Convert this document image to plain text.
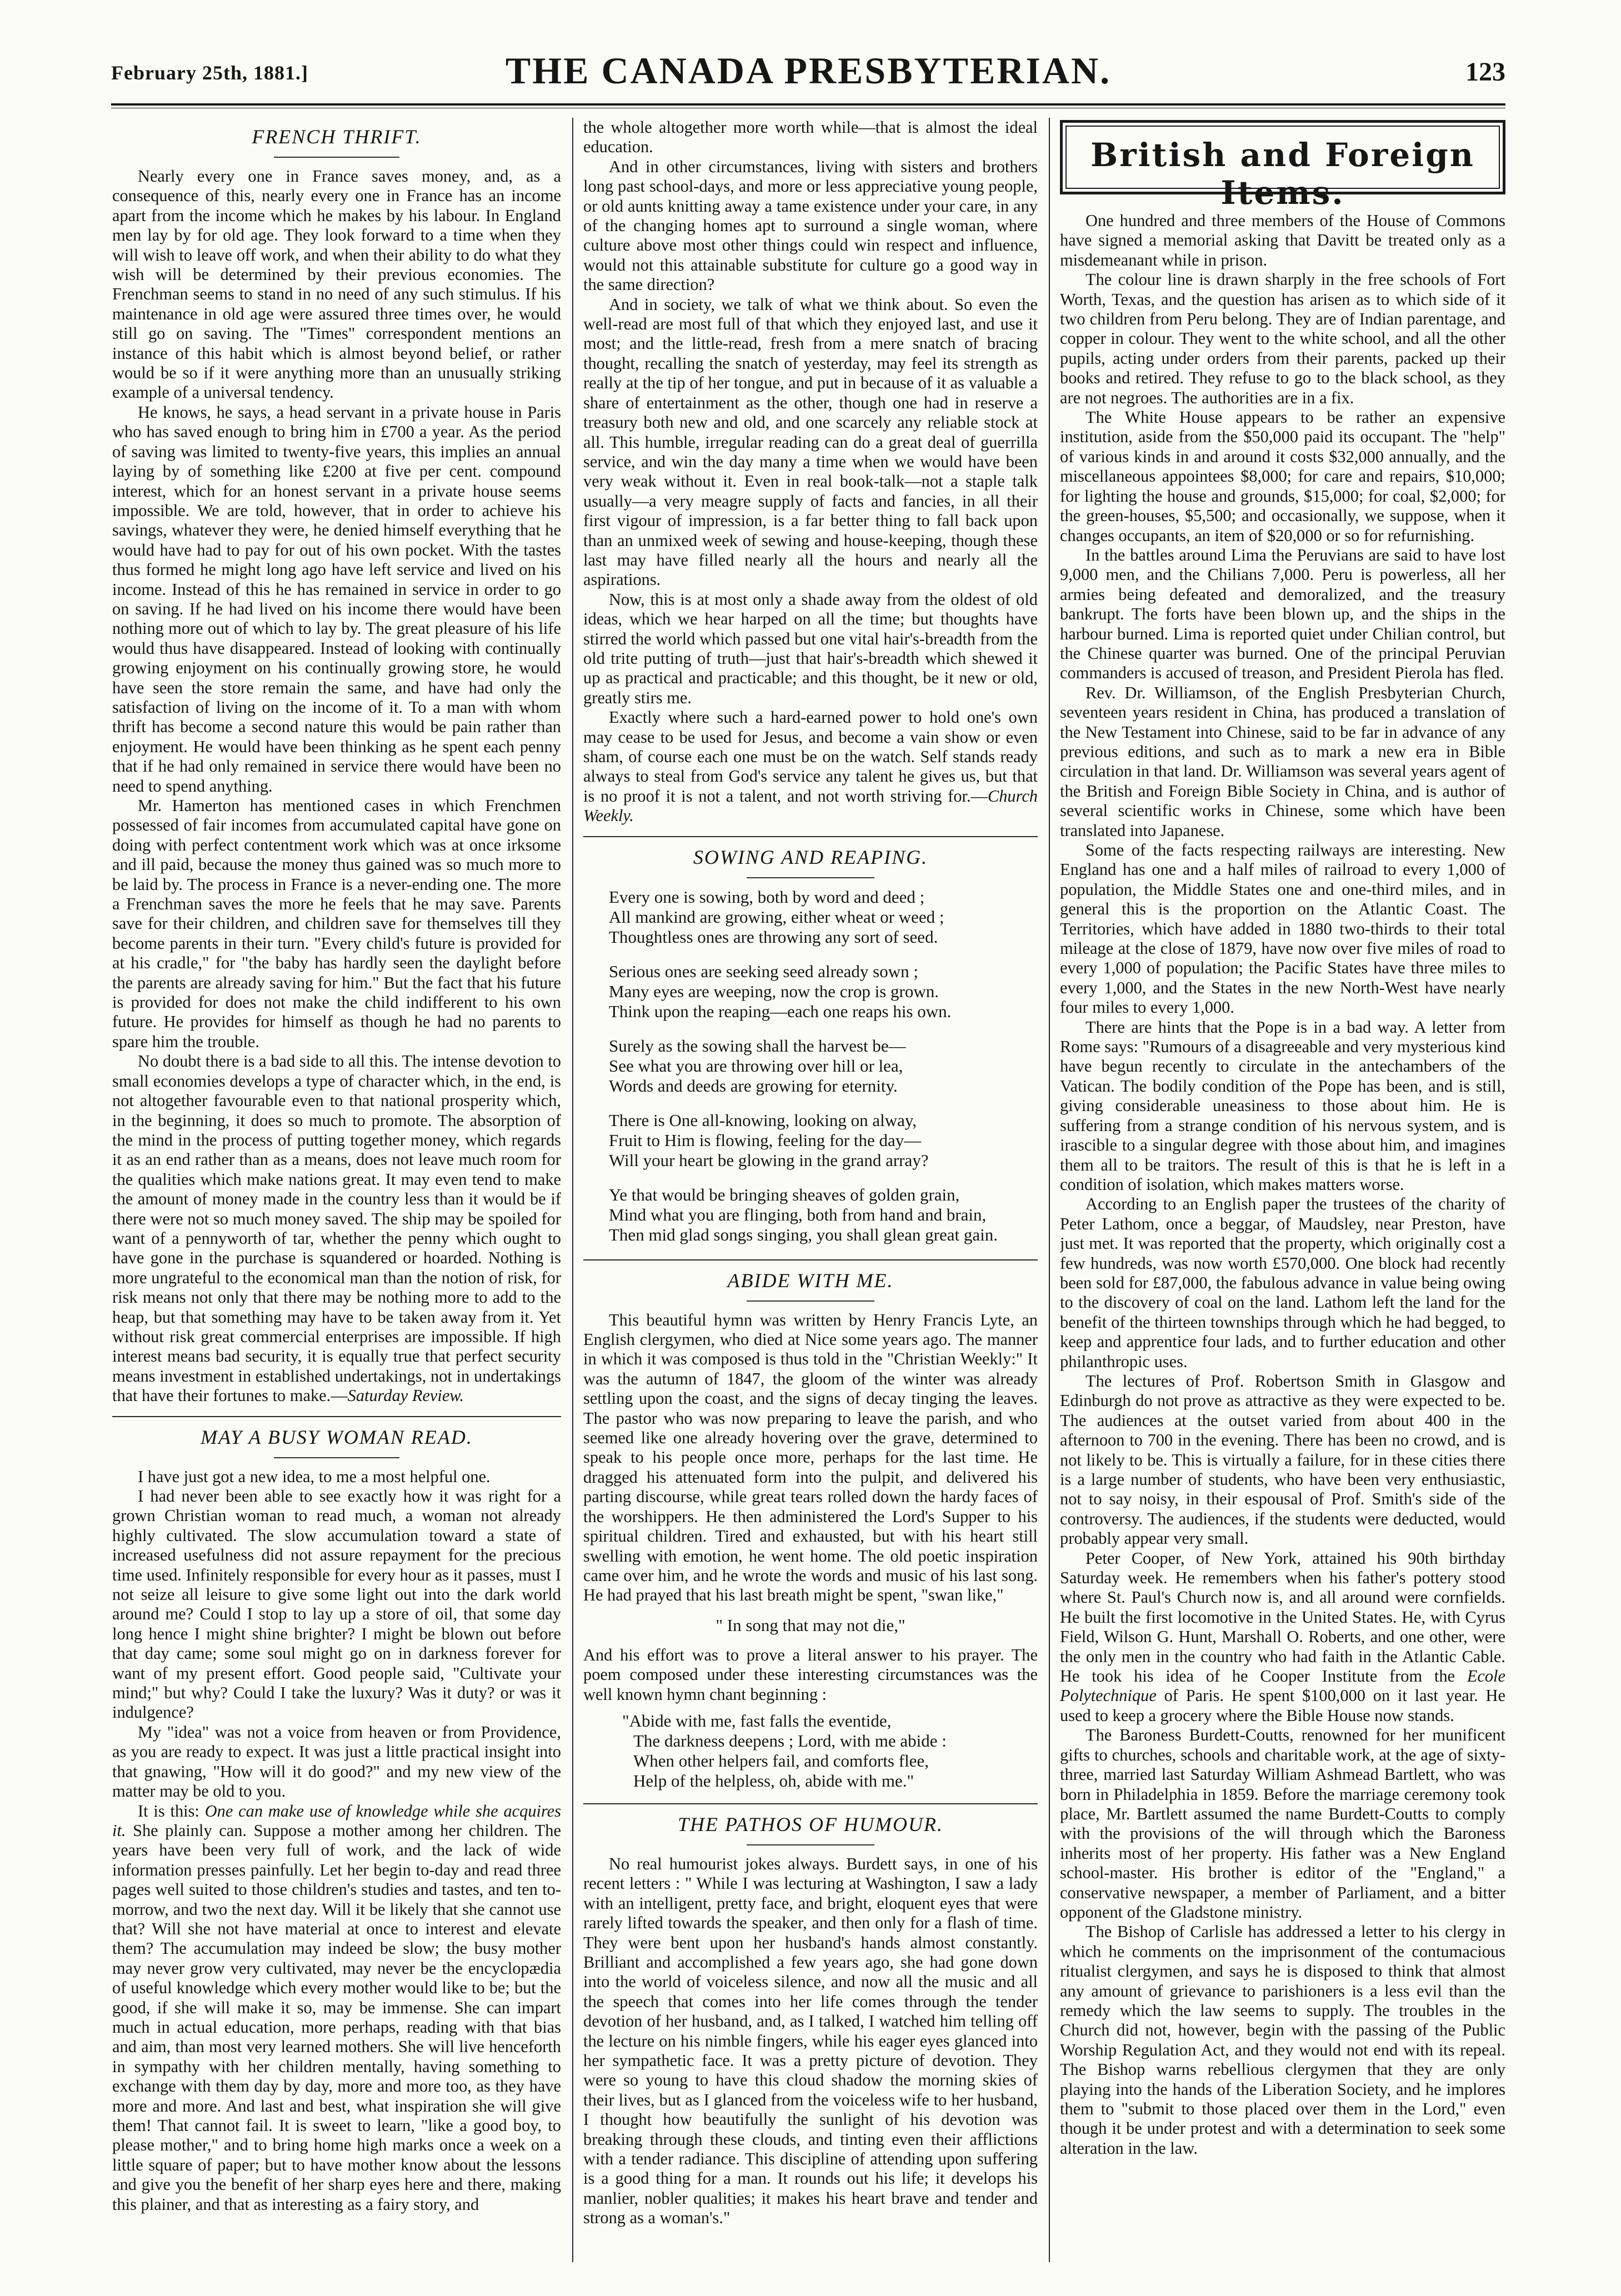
February 25th, 1881.]	THE CANADA PRESBYTERIAN.	123
FRENCH THRIFT.

Nearly every one in France saves money, and, as a consequence of this, nearly every one in France has an income apart from the income which he makes by his labour. In England men lay by for old age. They look forward to a time when they will wish to leave off work, and when their ability to do what they wish will be determined by their previous economies. The Frenchman seems to stand in no need of any such stimulus. If his maintenance in old age were assured three times over, he would still go on saving. The "Times" correspondent mentions an instance of this habit which is almost beyond belief, or rather would be so if it were anything more than an unusually striking example of a universal tendency.

He knows, he says, a head servant in a private house in Paris who has saved enough to bring him in £700 a year. As the period of saving was limited to twenty-five years, this implies an annual laying by of something like £200 at five per cent. compound interest, which for an honest servant in a private house seems impossible. We are told, however, that in order to achieve his savings, whatever they were, he denied himself everything that he would have had to pay for out of his own pocket. With the tastes thus formed he might long ago have left service and lived on his income. Instead of this he has remained in service in order to go on saving. If he had lived on his income there would have been nothing more out of which to lay by. The great pleasure of his life would thus have disappeared. Instead of looking with continually growing enjoyment on his continually growing store, he would have seen the store remain the same, and have had only the satisfaction of living on the income of it. To a man with whom thrift has become a second nature this would be pain rather than enjoyment. He would have been thinking as he spent each penny that if he had only remained in service there would have been no need to spend anything.

Mr. Hamerton has mentioned cases in which Frenchmen possessed of fair incomes from accumulated capital have gone on doing with perfect contentment work which was at once irksome and ill paid, because the money thus gained was so much more to be laid by. The process in France is a never-ending one. The more a Frenchman saves the more he feels that he may save. Parents save for their children, and children save for themselves till they become parents in their turn. "Every child's future is provided for at his cradle," for "the baby has hardly seen the daylight before the parents are already saving for him." But the fact that his future is provided for does not make the child indifferent to his own future. He provides for himself as though he had no parents to spare him the trouble.

No doubt there is a bad side to all this. The intense devotion to small economies develops a type of character which, in the end, is not altogether favourable even to that national prosperity which, in the beginning, it does so much to promote. The absorption of the mind in the process of putting together money, which regards it as an end rather than as a means, does not leave much room for the qualities which make nations great. It may even tend to make the amount of money made in the country less than it would be if there were not so much money saved. The ship may be spoiled for want of a pennyworth of tar, whether the penny which ought to have gone in the purchase is squandered or hoarded. Nothing is more ungrateful to the economical man than the notion of risk, for risk means not only that there may be nothing more to add to the heap, but that something may have to be taken away from it. Yet without risk great commercial enterprises are impossible. If high interest means bad security, it is equally true that perfect security means investment in established undertakings, not in undertakings that have their fortunes to make.—Saturday Review.

MAY A BUSY WOMAN READ.

I have just got a new idea, to me a most helpful one.

I had never been able to see exactly how it was right for a grown Christian woman to read much, a woman not already highly cultivated. The slow accumulation toward a state of increased usefulness did not assure repayment for the precious time used. Infinitely responsible for every hour as it passes, must I not seize all leisure to give some light out into the dark world around me? Could I stop to lay up a store of oil, that some day long hence I might shine brighter? I might be blown out before that day came; some soul might go on in darkness forever for want of my present effort. Good people said, "Cultivate your mind;" but why? Could I take the luxury? Was it duty? or was it indulgence?

My "idea" was not a voice from heaven or from Providence, as you are ready to expect. It was just a little practical insight into that gnawing, "How will it do good?" and my new view of the matter may be old to you.

It is this: One can make use of knowledge while she acquires it. She plainly can. Suppose a mother among her children. The years have been very full of work, and the lack of wide information presses painfully. Let her begin to-day and read three pages well suited to those children's studies and tastes, and ten to-morrow, and two the next day. Will it be likely that she cannot use that? Will she not have material at once to interest and elevate them? The accumulation may indeed be slow; the busy mother may never grow very cultivated, may never be the encyclopædia of useful knowledge which every mother would like to be; but the good, if she will make it so, may be immense. She can impart much in actual education, more perhaps, reading with that bias and aim, than most very learned mothers. She will live henceforth in sympathy with her children mentally, having something to exchange with them day by day, more and more too, as they have more and more. And last and best, what inspiration she will give them! That cannot fail. It is sweet to learn, "like a good boy, to please mother," and to bring home high marks once a week on a little square of paper; but to have mother know about the lessons and give you the benefit of her sharp eyes here and there, making this plainer, and that as interesting as a fairy story, and

the whole altogether more worth while—that is almost the ideal education.

And in other circumstances, living with sisters and brothers long past school-days, and more or less appreciative young people, or old aunts knitting away a tame existence under your care, in any of the changing homes apt to surround a single woman, where culture above most other things could win respect and influence, would not this attainable substitute for culture go a good way in the same direction?

And in society, we talk of what we think about. So even the well-read are most full of that which they enjoyed last, and use it most; and the little-read, fresh from a mere snatch of bracing thought, recalling the snatch of yesterday, may feel its strength as really at the tip of her tongue, and put in because of it as valuable a share of entertainment as the other, though one had in reserve a treasury both new and old, and one scarcely any reliable stock at all. This humble, irregular reading can do a great deal of guerrilla service, and win the day many a time when we would have been very weak without it. Even in real book-talk—not a staple talk usually—a very meagre supply of facts and fancies, in all their first vigour of impression, is a far better thing to fall back upon than an unmixed week of sewing and house-keeping, though these last may have filled nearly all the hours and nearly all the aspirations.

Now, this is at most only a shade away from the oldest of old ideas, which we hear harped on all the time; but thoughts have stirred the world which passed but one vital hair's-breadth from the old trite putting of truth—just that hair's-breadth which shewed it up as practical and practicable; and this thought, be it new or old, greatly stirs me.

Exactly where such a hard-earned power to hold one's own may cease to be used for Jesus, and become a vain show or even sham, of course each one must be on the watch. Self stands ready always to steal from God's service any talent he gives us, but that is no proof it is not a talent, and not worth striving for.—Church Weekly.

SOWING AND REAPING.
Every one is sowing, both by word and deed ;
All mankind are growing, either wheat or weed ;
Thoughtless ones are throwing any sort of seed.
Serious ones are seeking seed already sown ;
Many eyes are weeping, now the crop is grown.
Think upon the reaping—each one reaps his own.
Surely as the sowing shall the harvest be—
See what you are throwing over hill or lea,
Words and deeds are growing for eternity.
There is One all-knowing, looking on alway,
Fruit to Him is flowing, feeling for the day—
Will your heart be glowing in the grand array?
Ye that would be bringing sheaves of golden grain,
Mind what you are flinging, both from hand and brain,
Then mid glad songs singing, you shall glean great gain.
ABIDE WITH ME.

This beautiful hymn was written by Henry Francis Lyte, an English clergymen, who died at Nice some years ago. The manner in which it was composed is thus told in the "Christian Weekly:" It was the autumn of 1847, the gloom of the winter was already settling upon the coast, and the signs of decay tinging the leaves. The pastor who was now preparing to leave the parish, and who seemed like one already hovering over the grave, determined to speak to his people once more, perhaps for the last time. He dragged his attenuated form into the pulpit, and delivered his parting discourse, while great tears rolled down the hardy faces of the worshippers. He then administered the Lord's Supper to his spiritual children. Tired and exhausted, but with his heart still swelling with emotion, he went home. The old poetic inspiration came over him, and he wrote the words and music of his last song. He had prayed that his last breath might be spent, "swan like,"

" In song that may not die,"

And his effort was to prove a literal answer to his prayer. The poem composed under these interesting circumstances was the well known hymn chant beginning :

"Abide with me, fast falls the eventide,
The darkness deepens ; Lord, with me abide :
When other helpers fail, and comforts flee,
Help of the helpless, oh, abide with me."
THE PATHOS OF HUMOUR.

No real humourist jokes always. Burdett says, in one of his recent letters : " While I was lecturing at Washington, I saw a lady with an intelligent, pretty face, and bright, eloquent eyes that were rarely lifted towards the speaker, and then only for a flash of time. They were bent upon her husband's hands almost constantly. Brilliant and accomplished a few years ago, she had gone down into the world of voiceless silence, and now all the music and all the speech that comes into her life comes through the tender devotion of her husband, and, as I talked, I watched him telling off the lecture on his nimble fingers, while his eager eyes glanced into her sympathetic face. It was a pretty picture of devotion. They were so young to have this cloud shadow the morning skies of their lives, but as I glanced from the voiceless wife to her husband, I thought how beautifully the sunlight of his devotion was breaking through these clouds, and tinting even their afflictions with a tender radiance. This discipline of attending upon suffering is a good thing for a man. It rounds out his life; it develops his manlier, nobler qualities; it makes his heart brave and tender and strong as a woman's."

British and Foreign Items.

One hundred and three members of the House of Commons have signed a memorial asking that Davitt be treated only as a misdemeanant while in prison.

The colour line is drawn sharply in the free schools of Fort Worth, Texas, and the question has arisen as to which side of it two children from Peru belong. They are of Indian parentage, and copper in colour. They went to the white school, and all the other pupils, acting under orders from their parents, packed up their books and retired. They refuse to go to the black school, as they are not negroes. The authorities are in a fix.

The White House appears to be rather an expensive institution, aside from the $50,000 paid its occupant. The "help" of various kinds in and around it costs $32,000 annually, and the miscellaneous appointees $8,000; for care and repairs, $10,000; for lighting the house and grounds, $15,000; for coal, $2,000; for the green-houses, $5,500; and occasionally, we suppose, when it changes occupants, an item of $20,000 or so for refurnishing.

In the battles around Lima the Peruvians are said to have lost 9,000 men, and the Chilians 7,000. Peru is powerless, all her armies being defeated and demoralized, and the treasury bankrupt. The forts have been blown up, and the ships in the harbour burned. Lima is reported quiet under Chilian control, but the Chinese quarter was burned. One of the principal Peruvian commanders is accused of treason, and President Pierola has fled.

Rev. Dr. Williamson, of the English Presbyterian Church, seventeen years resident in China, has produced a translation of the New Testament into Chinese, said to be far in advance of any previous editions, and such as to mark a new era in Bible circulation in that land. Dr. Williamson was several years agent of the British and Foreign Bible Society in China, and is author of several scientific works in Chinese, some which have been translated into Japanese.

Some of the facts respecting railways are interesting. New England has one and a half miles of railroad to every 1,000 of population, the Middle States one and one-third miles, and in general this is the proportion on the Atlantic Coast. The Territories, which have added in 1880 two-thirds to their total mileage at the close of 1879, have now over five miles of road to every 1,000 of population; the Pacific States have three miles to every 1,000, and the States in the new North-West have nearly four miles to every 1,000.

There are hints that the Pope is in a bad way. A letter from Rome says: "Rumours of a disagreeable and very mysterious kind have begun recently to circulate in the antechambers of the Vatican. The bodily condition of the Pope has been, and is still, giving considerable uneasiness to those about him. He is suffering from a strange condition of his nervous system, and is irascible to a singular degree with those about him, and imagines them all to be traitors. The result of this is that he is left in a condition of isolation, which makes matters worse.

According to an English paper the trustees of the charity of Peter Lathom, once a beggar, of Maudsley, near Preston, have just met. It was reported that the property, which originally cost a few hundreds, was now worth £570,000. One block had recently been sold for £87,000, the fabulous advance in value being owing to the discovery of coal on the land. Lathom left the land for the benefit of the thirteen townships through which he had begged, to keep and apprentice four lads, and to further education and other philanthropic uses.

The lectures of Prof. Robertson Smith in Glasgow and Edinburgh do not prove as attractive as they were expected to be. The audiences at the outset varied from about 400 in the afternoon to 700 in the evening. There has been no crowd, and is not likely to be. This is virtually a failure, for in these cities there is a large number of students, who have been very enthusiastic, not to say noisy, in their espousal of Prof. Smith's side of the controversy. The audiences, if the students were deducted, would probably appear very small.

Peter Cooper, of New York, attained his 90th birthday Saturday week. He remembers when his father's pottery stood where St. Paul's Church now is, and all around were cornfields. He built the first locomotive in the United States. He, with Cyrus Field, Wilson G. Hunt, Marshall O. Roberts, and one other, were the only men in the country who had faith in the Atlantic Cable. He took his idea of he Cooper Institute from the Ecole Polytechnique of Paris. He spent $100,000 on it last year. He used to keep a grocery where the Bible House now stands.

The Baroness Burdett-Coutts, renowned for her munificent gifts to churches, schools and charitable work, at the age of sixty-three, married last Saturday William Ashmead Bartlett, who was born in Philadelphia in 1859. Before the marriage ceremony took place, Mr. Bartlett assumed the name Burdett-Coutts to comply with the provisions of the will through which the Baroness inherits most of her property. His father was a New England school-master. His brother is editor of the "England," a conservative newspaper, a member of Parliament, and a bitter opponent of the Gladstone ministry.

The Bishop of Carlisle has addressed a letter to his clergy in which he comments on the imprisonment of the contumacious ritualist clergymen, and says he is disposed to think that almost any amount of grievance to parishioners is a less evil than the remedy which the law seems to supply. The troubles in the Church did not, however, begin with the passing of the Public Worship Regulation Act, and they would not end with its repeal. The Bishop warns rebellious clergymen that they are only playing into the hands of the Liberation Society, and he implores them to "submit to those placed over them in the Lord," even though it be under protest and with a determination to seek some alteration in the law.
